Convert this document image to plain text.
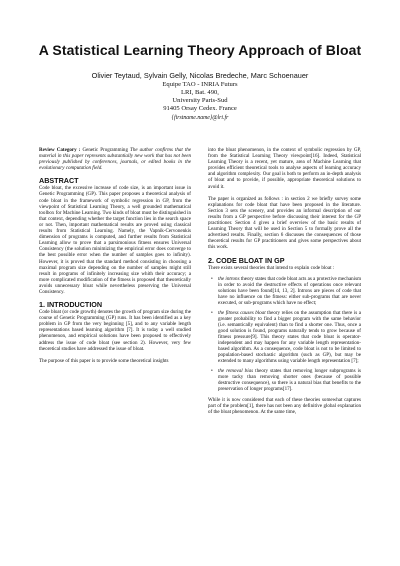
A Statistical Learning Theory Approach of Bloat
Olivier Teytaud, Sylvain Gelly, Nicolas Bredeche, Marc Schoenauer
Equipe TAO - INRIA Futurs
LRI, Bat. 490,
University Paris-Sud
91405 Orsay Cedex. France
{firstname.name}@lri.fr

Review Category : Genetic Programming The author confirms that the material in this paper represents substantially new work that has not been previously published by conferences, journals, or edited books in the evolutionary computation field.

ABSTRACT

Code bloat, the excessive increase of code size, is an important issue in Genetic Programming (GP). This paper proposes a theoretical analysis of code bloat in the framework of symbolic regression in GP, from the viewpoint of Statistical Learning Theory, a well grounded mathematical toolbox for Machine Learning. Two kinds of bloat must be distinguished in that context, depending whether the target function lies in the search space or not. Then, important mathematical results are proved using classical results from Statistical Learning. Namely, the Vapnik-Cervonenkis dimension of programs is computed, and further results from Statistical Learning allow to prove that a parsimonious fitness ensures Universal Consistency (the solution minimizing the empirical error does converge to the best possible error when the number of samples goes to infinity). However, it is proved that the standard method consisting in choosing a maximal program size depending on the number of samples might still result in programs of infinitely increasing size whith their accuracy; a more complicated modification of the fitness is proposed that theoretically avoids unnecessary bloat while nevertheless preserving the Universal Consistency.

1. INTRODUCTION

Code bloat (or code growth) denotes the growth of program size during the course of Genetic Programming (GP) runs. It has been identified as a key problem in GP from the very beginning [5], and to any variable length representations based learning algorithm [7]. It is today a well studied phenomenon, and empirical solutions have been proposed to effectively address the issue of code bloat (see section 2). However, very few theoretical studies have addressed the issue of bloat.

The purpose of this paper is to provide some theoretical insights

into the bloat phenomenon, in the context of symbolic regression by GP, from the Statistical Learning Theory viewpoint[16]. Indeed, Statistical Learning Theory is a recent, yet mature, area of Machine Learning that provides efficient theoretical tools to analyse aspects of learning accuracy and algorithm complexity. Our goal is both to perform an in-depth analysis of bloat and to provide, if possible, appropriate theoretical solutions to avoid it.

The paper is organized as follows : in section 2 we briefly survey some explanations for code bloat that have been proposed in the literature. Section 3 sets the scenery, and provides an informal description of our results from a GP perspective before discussing their interest for the GP practitioner. Section 4 gives a brief overview of the basic results of Learning Theory that will be used in Section 5 to formally prove all the advertised results. Finally, section 6 discusses the consequences of those theoretical results for GP practitioners and gives some perspectives about this work.

2. CODE BLOAT IN GP

There exists several theories that intend to explain code bloat :

• the introns theory states that code bloat acts as a protective mechanism in order to avoid the destructive effects of operations once relevant solutions have been found[14, 13, 2]. Introns are pieces of code that have no influence on the fitness: either sub-programs that are never executed, or sub-programs which have no effect;
• the fitness causes bloat theory relies on the assumption that there is a greater probability to find a bigger program with the same behavior (i.e. semantically equivalent) than to find a shorter one. Thus, once a good solution is found, programs naturally tends to grow because of fitness pressure[9]. This theory states that code bloat is operator-independent and may happen for any variable length representation-based algorithm. As a consequence, code bloat is not to be limited to population-based stochastic algorithm (such as GP), but may be extended to many algorithms using variable length representation [7];
• the removal bias theory states that removing longer subprograms is more tacky than removing shorter ones (because of possible destructive consequence), so there is a natural bias that benefits to the preservation of longer programs[17].

While it is now considered that each of these theories somewhat captures part of the problem[1], there has not been any definitive global explanation of the bloat phenomenon. At the same time,
